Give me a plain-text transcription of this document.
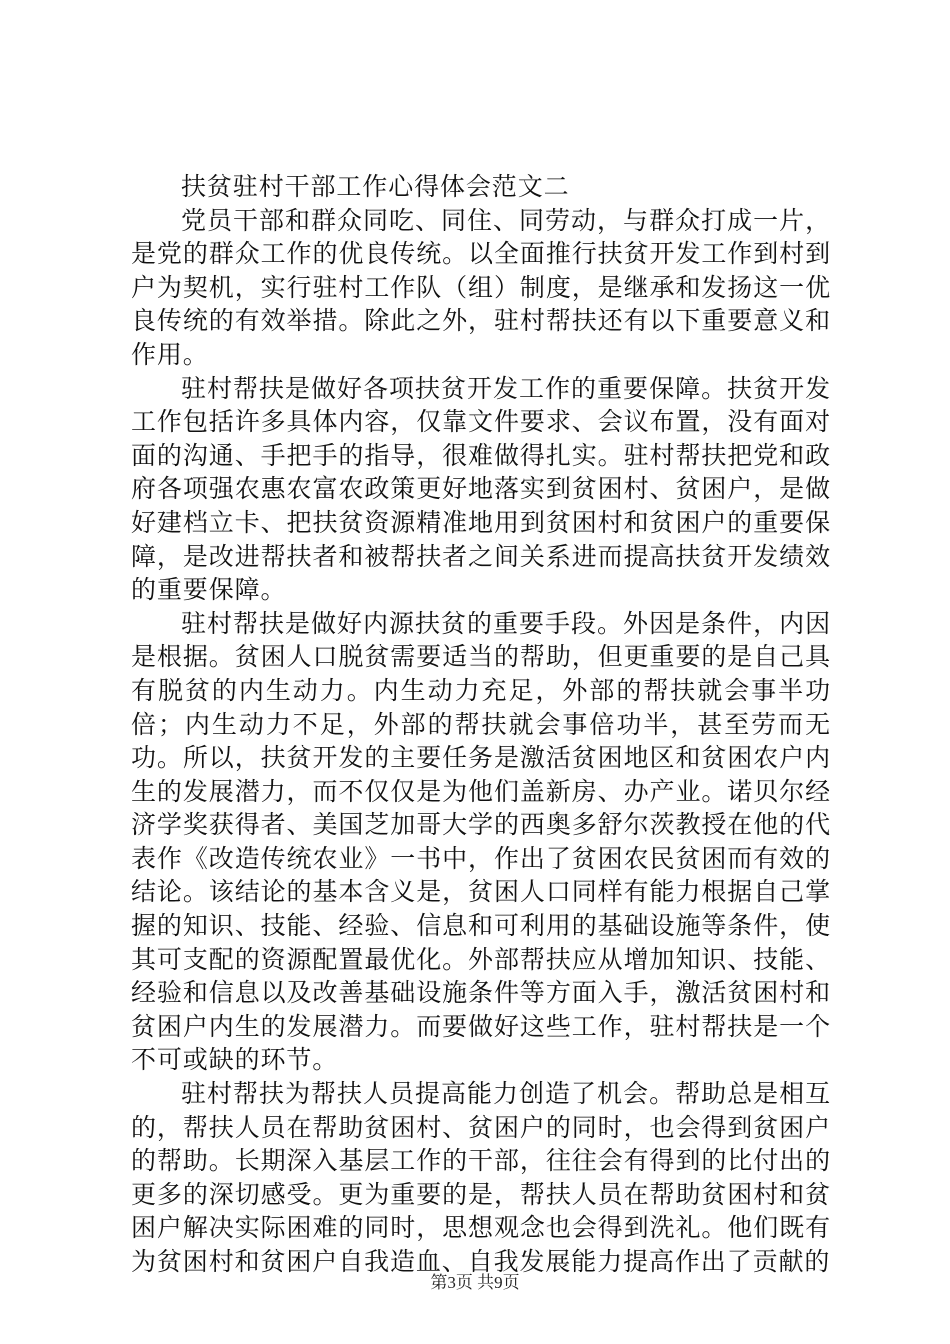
扶贫驻村干部工作心得体会范文二

党员干部和群众同吃、同住、同劳动，与群众打成一片，是党的群众工作的优良传统。以全面推行扶贫开发工作到村到户为契机，实行驻村工作队（组）制度，是继承和发扬这一优良传统的有效举措。除此之外，驻村帮扶还有以下重要意义和作用。

驻村帮扶是做好各项扶贫开发工作的重要保障。扶贫开发工作包括许多具体内容，仅靠文件要求、会议布置，没有面对面的沟通、手把手的指导，很难做得扎实。驻村帮扶把党和政府各项强农惠农富农政策更好地落实到贫困村、贫困户，是做好建档立卡、把扶贫资源精准地用到贫困村和贫困户的重要保障，是改进帮扶者和被帮扶者之间关系进而提高扶贫开发绩效的重要保障。

驻村帮扶是做好内源扶贫的重要手段。外因是条件，内因是根据。贫困人口脱贫需要适当的帮助，但更重要的是自己具有脱贫的内生动力。内生动力充足，外部的帮扶就会事半功倍；内生动力不足，外部的帮扶就会事倍功半，甚至劳而无功。所以，扶贫开发的主要任务是激活贫困地区和贫困农户内生的发展潜力，而不仅仅是为他们盖新房、办产业。诺贝尔经济学奖获得者、美国芝加哥大学的西奥多舒尔茨教授在他的代表作《改造传统农业》一书中，作出了贫困农民贫困而有效的结论。该结论的基本含义是，贫困人口同样有能力根据自己掌握的知识、技能、经验、信息和可利用的基础设施等条件，使其可支配的资源配置最优化。外部帮扶应从增加知识、技能、经验和信息以及改善基础设施条件等方面入手，激活贫困村和贫困户内生的发展潜力。而要做好这些工作，驻村帮扶是一个不可或缺的环节。

驻村帮扶为帮扶人员提高能力创造了机会。帮助总是相互的，帮扶人员在帮助贫困村、贫困户的同时，也会得到贫困户的帮助。长期深入基层工作的干部，往往会有得到的比付出的更多的深切感受。更为重要的是，帮扶人员在帮助贫困村和贫困户解决实际困难的同时，思想观念也会得到洗礼。他们既有为贫困村和贫困户自我造血、自我发展能力提高作出了贡献的

第3页 共9页
